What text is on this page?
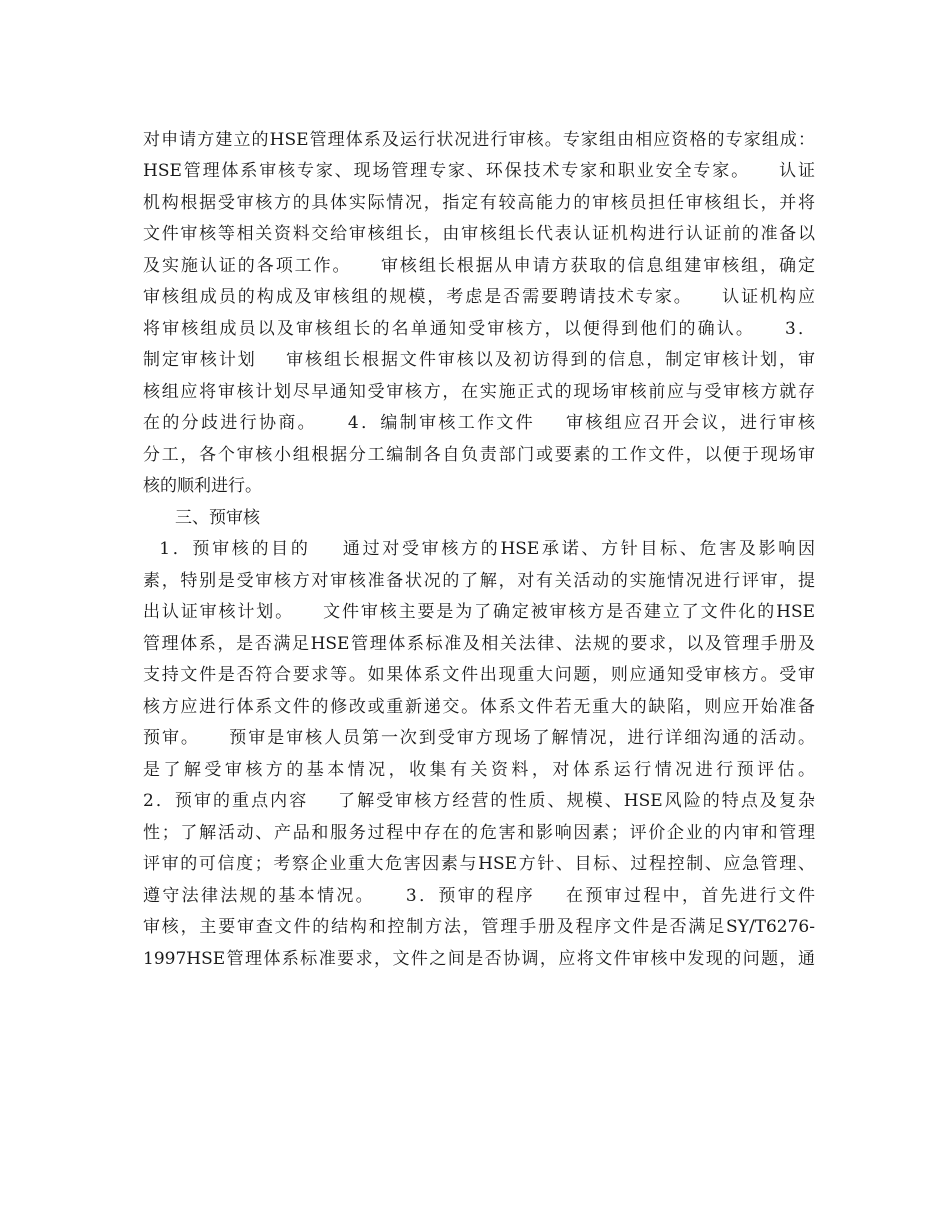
对申请方建立的HSE管理体系及运行状况进行审核。专家组由相应资格的专家组成：
HSE管理体系审核专家、现场管理专家、环保技术专家和职业安全专家。    认证
机构根据受审核方的具体实际情况，指定有较高能力的审核员担任审核组长，并将
文件审核等相关资料交给审核组长，由审核组长代表认证机构进行认证前的准备以
及实施认证的各项工作。    审核组长根据从申请方获取的信息组建审核组，确定
审核组成员的构成及审核组的规模，考虑是否需要聘请技术专家。    认证机构应
将审核组成员以及审核组长的名单通知受审核方，以便得到他们的确认。    3．
制定审核计划    审核组长根据文件审核以及初访得到的信息，制定审核计划，审
核组应将审核计划尽早通知受审核方，在实施正式的现场审核前应与受审核方就存
在的分歧进行协商。    4．编制审核工作文件    审核组应召开会议，进行审核
分工，各个审核小组根据分工编制各自负责部门或要素的工作文件，以便于现场审
核的顺利进行。
三、预审核
1．预审核的目的    通过对受审核方的HSE承诺、方针目标、危害及影响因
素，特别是受审核方对审核准备状况的了解，对有关活动的实施情况进行评审，提
出认证审核计划。    文件审核主要是为了确定被审核方是否建立了文件化的HSE
管理体系，是否满足HSE管理体系标准及相关法律、法规的要求，以及管理手册及
支持文件是否符合要求等。如果体系文件出现重大问题，则应通知受审核方。受审
核方应进行体系文件的修改或重新递交。体系文件若无重大的缺陷，则应开始准备
预审。    预审是审核人员第一次到受审方现场了解情况，进行详细沟通的活动。
是了解受审核方的基本情况，收集有关资料，对体系运行情况进行预评估。
2．预审的重点内容    了解受审核方经营的性质、规模、HSE风险的特点及复杂
性；了解活动、产品和服务过程中存在的危害和影响因素；评价企业的内审和管理
评审的可信度；考察企业重大危害因素与HSE方针、目标、过程控制、应急管理、
遵守法律法规的基本情况。    3．预审的程序    在预审过程中，首先进行文件
审核，主要审查文件的结构和控制方法，管理手册及程序文件是否满足SY/T6276-
1997HSE管理体系标准要求，文件之间是否协调，应将文件审核中发现的问题，通
